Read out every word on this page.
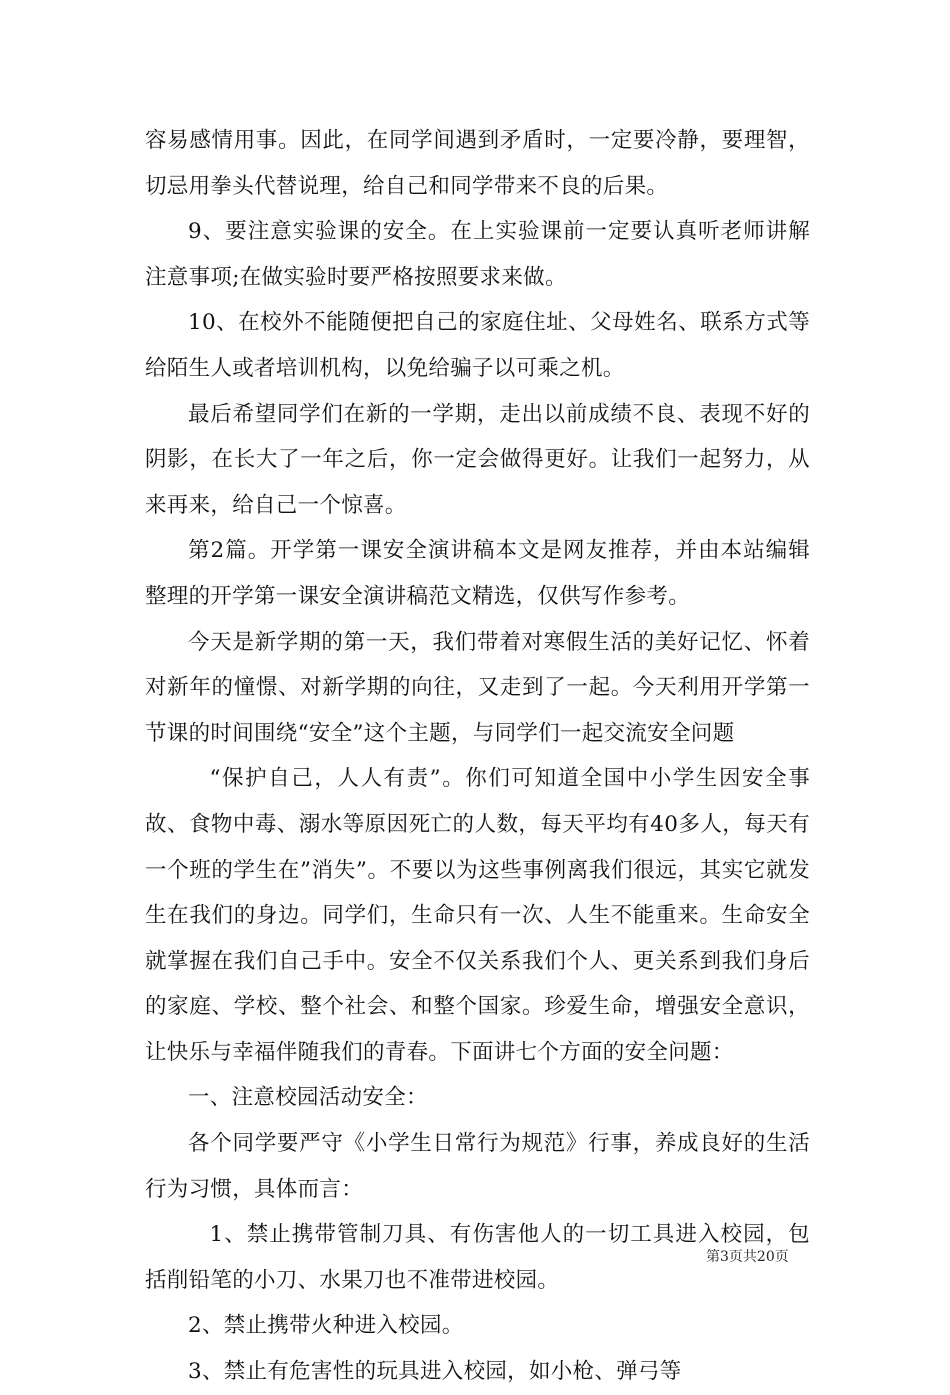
容易感情用事。因此，在同学间遇到矛盾时，一定要冷静，要理智，切忌用拳头代替说理，给自己和同学带来不良的后果。

9、要注意实验课的安全。在上实验课前一定要认真听老师讲解注意事项;在做实验时要严格按照要求来做。

10、在校外不能随便把自己的家庭住址、父母姓名、联系方式等给陌生人或者培训机构，以免给骗子以可乘之机。

最后希望同学们在新的一学期，走出以前成绩不良、表现不好的阴影，在长大了一年之后，你一定会做得更好。让我们一起努力，从来再来，给自己一个惊喜。

第2篇。开学第一课安全演讲稿本文是网友推荐，并由本站编辑整理的开学第一课安全演讲稿范文精选，仅供写作参考。

今天是新学期的第一天，我们带着对寒假生活的美好记忆、怀着对新年的憧憬、对新学期的向往，又走到了一起。今天利用开学第一节课的时间围绕“安全”这个主题，与同学们一起交流安全问题

“保护自己，人人有责”。你们可知道全国中小学生因安全事故、食物中毒、溺水等原因死亡的人数，每天平均有40多人，每天有一个班的学生在”消失”。不要以为这些事例离我们很远，其实它就发生在我们的身边。同学们，生命只有一次、人生不能重来。生命安全就掌握在我们自己手中。安全不仅关系我们个人、更关系到我们身后的家庭、学校、整个社会、和整个国家。珍爱生命，增强安全意识，让快乐与幸福伴随我们的青春。下面讲七个方面的安全问题：

一、注意校园活动安全：

各个同学要严守《小学生日常行为规范》行事，养成良好的生活行为习惯，具体而言：

1、禁止携带管制刀具、有伤害他人的一切工具进入校园，包括削铅笔的小刀、水果刀也不准带进校园。

2、禁止携带火种进入校园。

3、禁止有危害性的玩具进入校园，如小枪、弹弓等

第3页共20页
